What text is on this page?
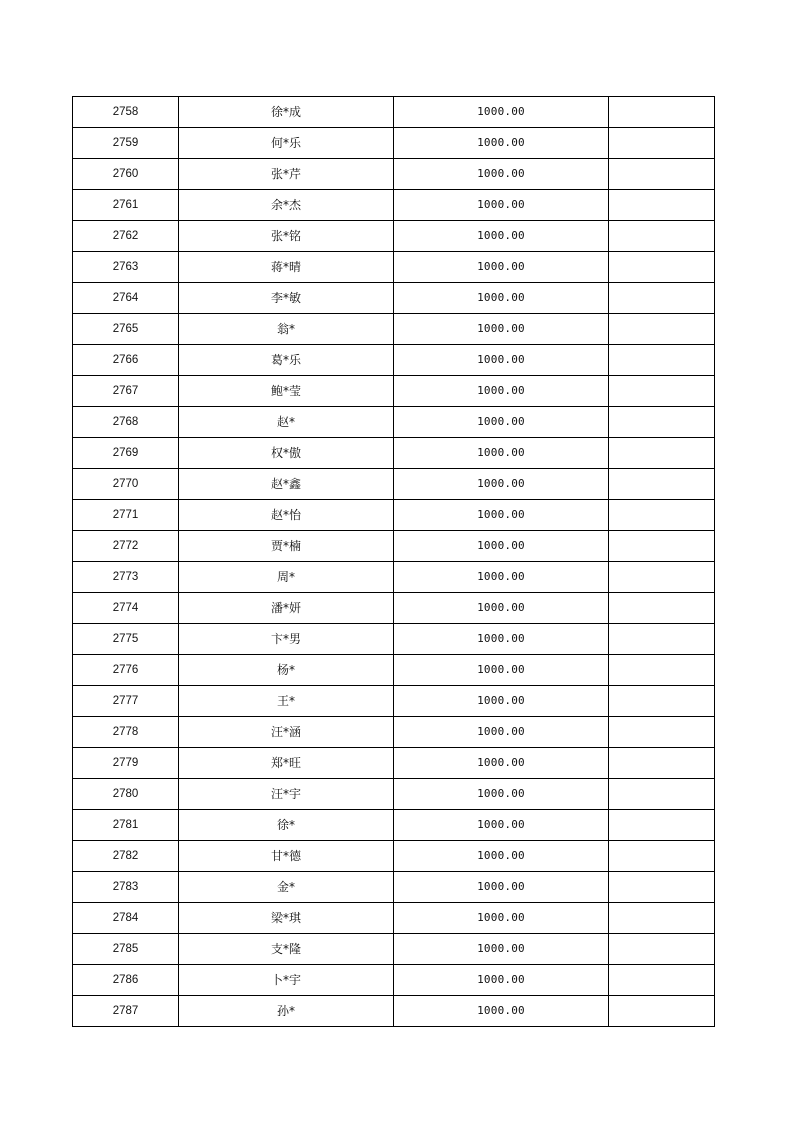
2758	徐*成	1000.00	
2759	何*乐	1000.00	
2760	张*芹	1000.00	
2761	余*杰	1000.00	
2762	张*铭	1000.00	
2763	蒋*晴	1000.00	
2764	李*敏	1000.00	
2765	翁*	1000.00	
2766	葛*乐	1000.00	
2767	鲍*莹	1000.00	
2768	赵*	1000.00	
2769	权*傲	1000.00	
2770	赵*鑫	1000.00	
2771	赵*怡	1000.00	
2772	贾*楠	1000.00	
2773	周*	1000.00	
2774	潘*妍	1000.00	
2775	卞*男	1000.00	
2776	杨*	1000.00	
2777	王*	1000.00	
2778	汪*涵	1000.00	
2779	郑*旺	1000.00	
2780	汪*宇	1000.00	
2781	徐*	1000.00	
2782	甘*德	1000.00	
2783	金*	1000.00	
2784	梁*琪	1000.00	
2785	支*隆	1000.00	
2786	卜*宇	1000.00	
2787	孙*	1000.00	
